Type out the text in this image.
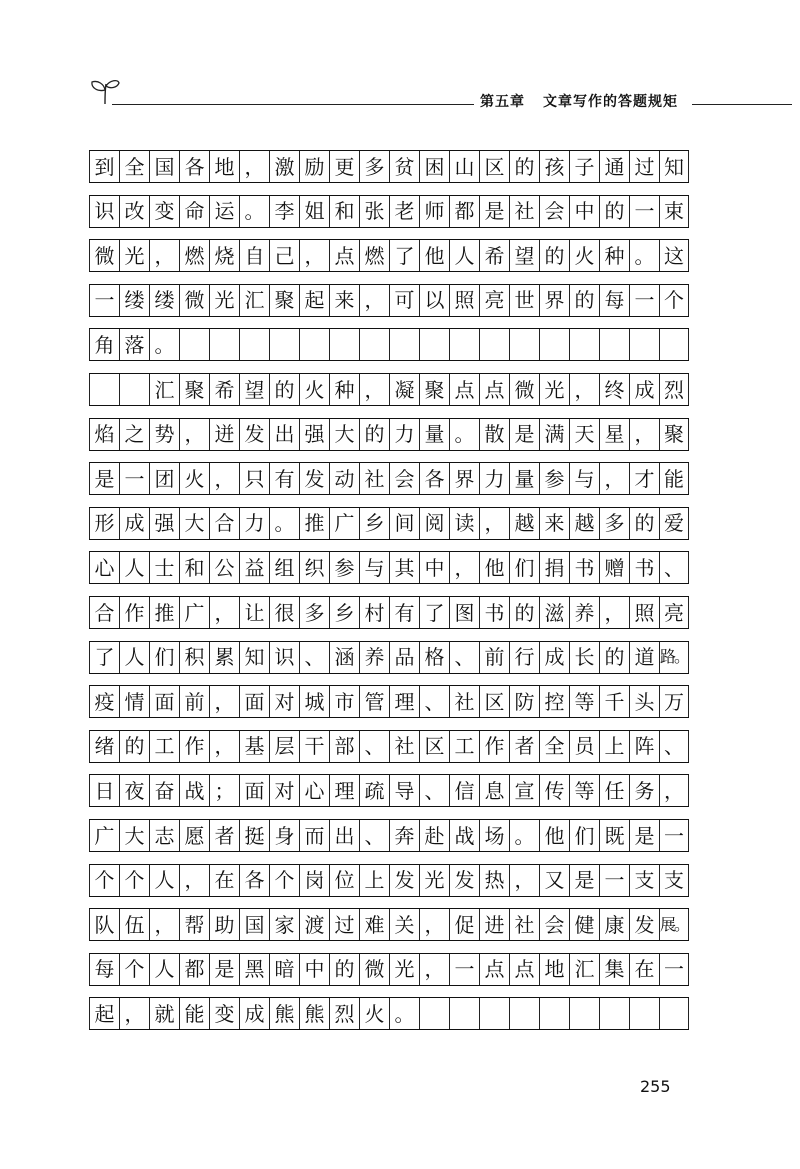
第五章 文章写作的答题规矩
到 全 国 各 地 ， 激 励 更 多 贫 困 山 区 的 孩 子 通 过 知
识 改 变 命 运 。 李 姐 和 张 老 师 都 是 社 会 中 的 一 束
微 光 ， 燃 烧 自 己 ， 点 燃 了 他 人 希 望 的 火 种 。 这
一 缕 缕 微 光 汇 聚 起 来 ， 可 以 照 亮 世 界 的 每 一 个
角 落 。
汇 聚 希 望 的 火 种 ， 凝 聚 点 点 微 光 ， 终 成 烈
焰 之 势 ， 迸 发 出 强 大 的 力 量 。 散 是 满 天 星 ， 聚
是 一 团 火 ， 只 有 发 动 社 会 各 界 力 量 参 与 ， 才 能
形 成 强 大 合 力 。 推 广 乡 间 阅 读 ， 越 来 越 多 的 爱
心 人 士 和 公 益 组 织 参 与 其 中 ， 他 们 捐 书 赠 书 、
合 作 推 广 ， 让 很 多 乡 村 有 了 图 书 的 滋 养 ， 照 亮
了 人 们 积 累 知 识 、 涵 养 品 格 、 前 行 成 长 的 道 路。
疫 情 面 前 ， 面 对 城 市 管 理 、 社 区 防 控 等 千 头 万
绪 的 工 作 ， 基 层 干 部 、 社 区 工 作 者 全 员 上 阵 、
日 夜 奋 战 ； 面 对 心 理 疏 导 、 信 息 宣 传 等 任 务 ，
广 大 志 愿 者 挺 身 而 出 、 奔 赴 战 场 。 他 们 既 是 一
个 个 人 ， 在 各 个 岗 位 上 发 光 发 热 ， 又 是 一 支 支
队 伍 ， 帮 助 国 家 渡 过 难 关 ， 促 进 社 会 健 康 发 展。
每 个 人 都 是 黑 暗 中 的 微 光 ， 一 点 点 地 汇 集 在 一
起 ， 就 能 变 成 熊 熊 烈 火 。
255
